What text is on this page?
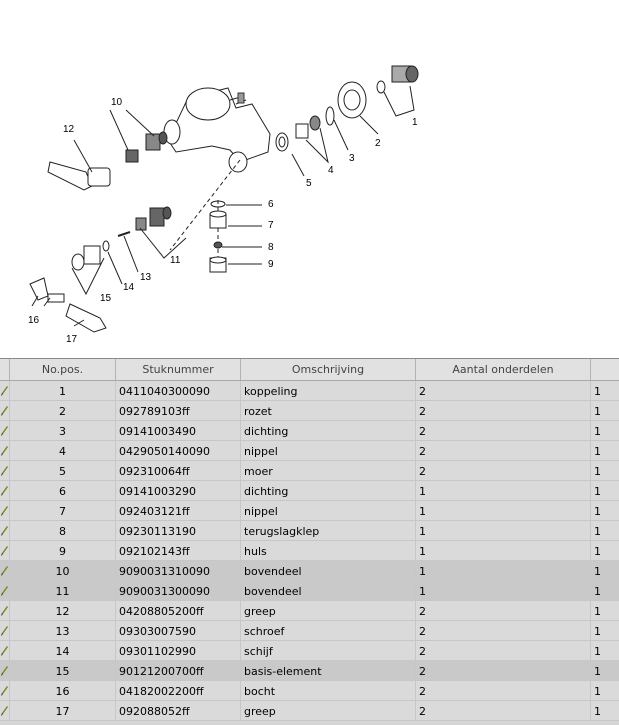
1
2
3
4
5
6
7
8
9
10
11
12
13
14
15
16
17
No.pos.	Stuknummer	Omschrijving	Aantal onderdelen
1	0411040300090	koppeling	2	1
2	092789103ff	rozet	2	1
3	09141003490	dichting	2	1
4	0429050140090	nippel	2	1
5	092310064ff	moer	2	1
6	09141003290	dichting	1	1
7	092403121ff	nippel	1	1
8	09230113190	terugslagklep	1	1
9	092102143ff	huls	1	1
10	9090031310090	bovendeel	1	1
11	9090031300090	bovendeel	1	1
12	04208805200ff	greep	2	1
13	09303007590	schroef	2	1
14	09301102990	schijf	2	1
15	90121200700ff	basis-element	2	1
16	04182002200ff	bocht	2	1
17	092088052ff	greep	2	1
